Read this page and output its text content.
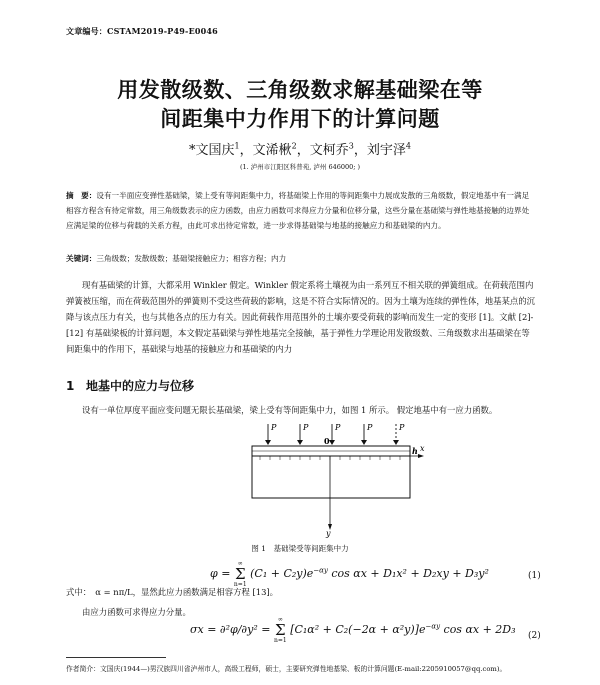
文章编号：CSTAM2019-P49-E0046
用发散级数、三角级数求解基础梁在等
间距集中力作用下的计算问题
*文国庆$^1$，文浠楸$^2$，文柯乔$^3$，刘宇泽$^4$
(1. 泸州市江阳区科普苑, 泸州 646000; )
摘　要：设有一半面应变弹性基础梁，梁上受有等间距集中力，将基础梁上作用的等间距集中力展成发散的三角级数，假定地基中有一满足相容方程含有待定常数，用三角级数表示的应力函数，由应力函数可求得应力分量和位移分量，这些分量在基础梁与弹性地基接触的边界处应满足梁的位移与荷载的关系方程，由此可求出待定常数，进一步求得基础梁与地基的接触应力和基础梁的内力。
关键词：三角级数；发散级数；基础梁接触应力；相容方程；内力
现有基础梁的计算，大都采用 Winkler 假定。Winkler 假定系将土壤视为由一系列互不相关联的弹簧组成。在荷载范围内弹簧被压缩，而在荷载范围外的弹簧则不受这些荷载的影响，这是不符合实际情况的。因为土壤为连续的弹性体，地基某点的沉降与该点压力有关，也与其他各点的压力有关。因此荷载作用范围外的土壤亦要受荷载的影响而发生一定的变形 [1]。文献 [2]-[12] 有基础梁板的计算问题，本文假定基础梁与弹性地基完全接触，基于弹性力学理论用发散级数、三角级数求出基础梁在等间距集中的作用下，基础梁与地基的接触应力和基础梁的内力
1 地基中的应力与位移
设有一单位厚度平面应变问题无限长基础梁，梁上受有等间距集中力，如图 1 所示。 假定地基中有一应力函数。
P	P	P	P	P
x
y
0
h
图 1　基础梁受等间距集中力
φ =
∞
Σ
n=1
$(C_1 + C_2y)e^{-\alpha y}$ cos αx + D₁x² + D₂xy + D₃y²	(1)
式中：　α = nπ/L，显然此应力函数满足相容方程 [13]。
由应力函数可求得应力分量。
σx = ∂²φ/∂y² =
∞
Σ
n=1
$[C_1\alpha^2 + C_2(-2\alpha + \alpha^2y)]e^{-\alpha y}$ cos αx + 2D₃ (2)
作者简介：文国庆(1944—)男汉族四川省泸州市人，高级工程师，硕士，主要研究弹性地基梁、板的计算问题(E-mail:2205910057@qq.com)。
